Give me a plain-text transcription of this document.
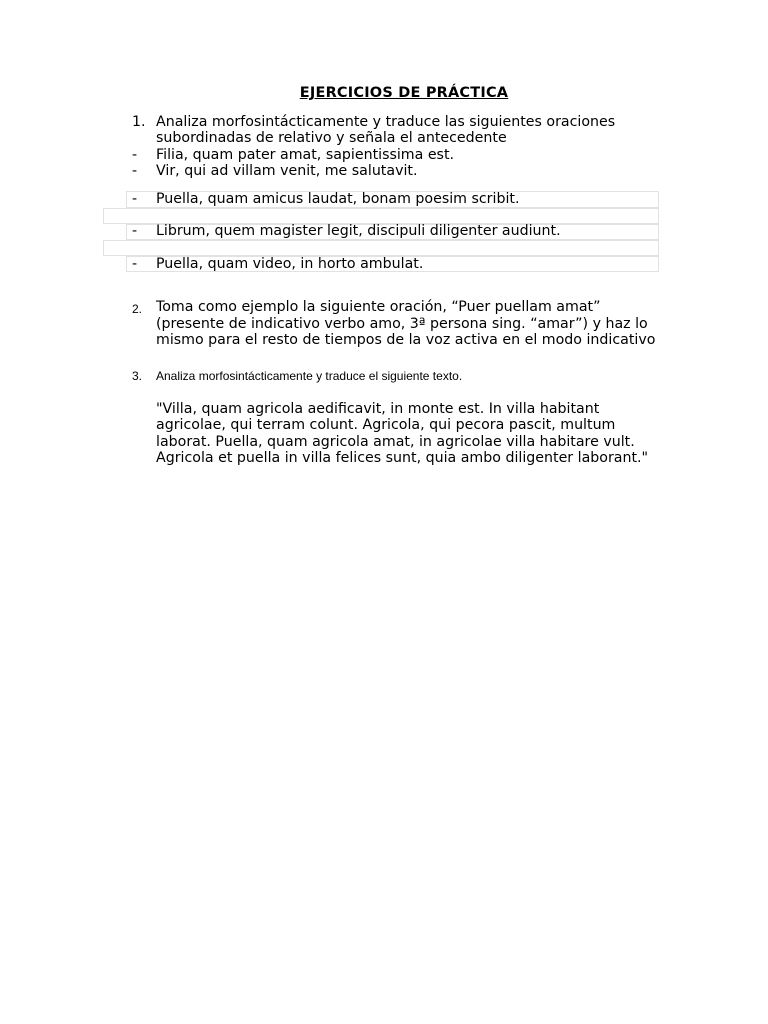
EJERCICIOS DE PRÁCTICA
1. Analiza morfosintácticamente y traduce las siguientes oraciones
subordinadas de relativo y señala el antecedente
-	Filia, quam pater amat, sapientissima est.
-	Vir, qui ad villam venit, me salutavit.
-	Puella, quam amicus laudat, bonam poesim scribit.
-	Librum, quem magister legit, discipuli diligenter audiunt.
-	Puella, quam video, in horto ambulat.
2. Toma como ejemplo la siguiente oración, “Puer puellam amat”
(presente de indicativo verbo amo, 3ª persona sing. “amar”) y haz lo
mismo para el resto de tiempos de la voz activa en el modo indicativo
3.	Analiza morfosintácticamente y traduce el siguiente texto.
"Villa, quam agricola aedificavit, in monte est. In villa habitant
agricolae, qui terram colunt. Agricola, qui pecora pascit, multum
laborat. Puella, quam agricola amat, in agricolae villa habitare vult.
Agricola et puella in villa felices sunt, quia ambo diligenter laborant."
